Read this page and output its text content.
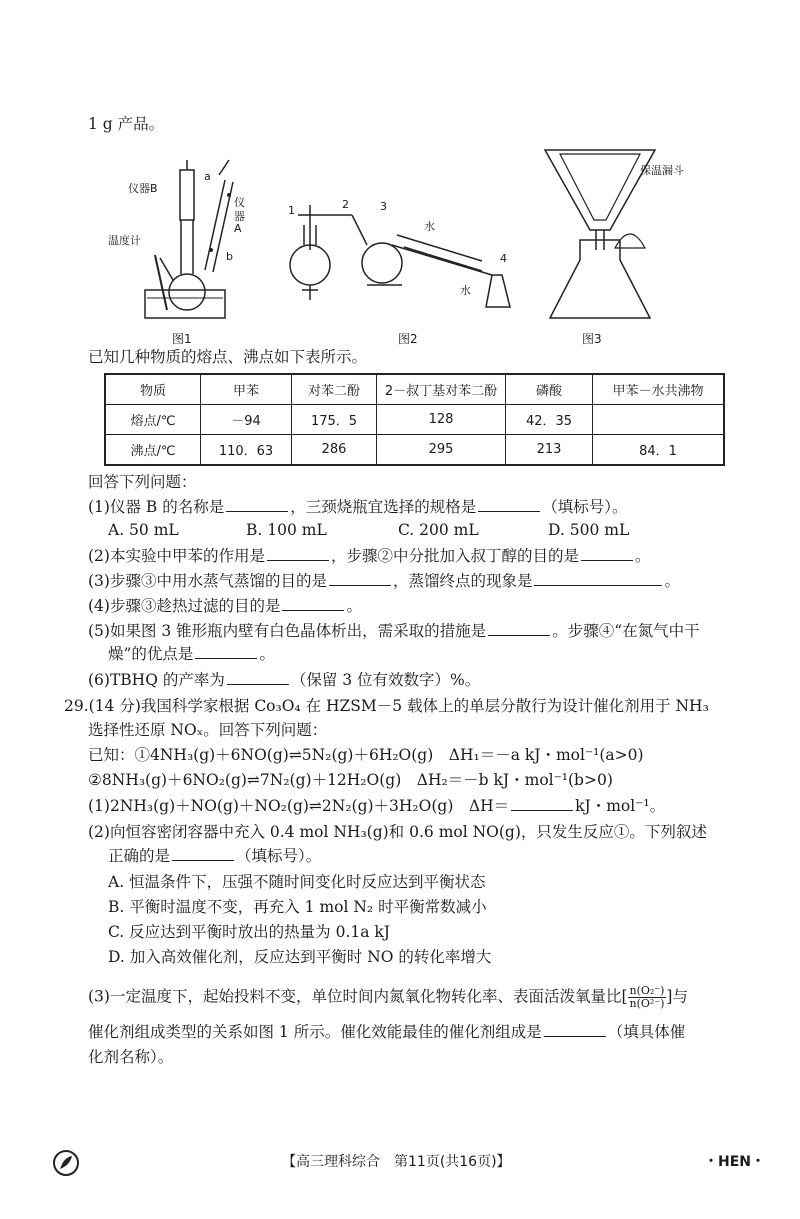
1 g 产品。
仪器B
a
仪
器
A
b
温度计
图1
1	2	3
水
水
4
图2
保温漏斗
图3
已知几种物质的熔点、沸点如下表所示。
物质	甲苯	对苯二酚	2－叔丁基对苯二酚	磷酸	甲苯－水共沸物
熔点/℃	－94	175．5	128	42．35	
沸点/℃	110．63	286	295	213	84．1
回答下列问题：
(1)仪器 B 的名称是	，三颈烧瓶宜选择的规格是	（填标号）。
A. 50 mL	B. 100 mL	C. 200 mL	D. 500 mL
(2)本实验中甲苯的作用是	，步骤②中分批加入叔丁醇的目的是	。
(3)步骤③中用水蒸气蒸馏的目的是	，蒸馏终点的现象是	。
(4)步骤③趁热过滤的目的是	。
(5)如果图 3 锥形瓶内壁有白色晶体析出，需采取的措施是	。步骤④“在氮气中干
燥”的优点是	。
(6)TBHQ 的产率为	（保留 3 位有效数字）%。
29.(14 分)我国科学家根据 Co₃O₄ 在 HZSM－5 载体上的单层分散行为设计催化剂用于 NH₃
选择性还原 NOₓ。回答下列问题：
已知：①4NH₃(g)＋6NO(g)⇌5N₂(g)＋6H₂O(g)　ΔH₁＝－a kJ・mol⁻¹(a>0)
②8NH₃(g)＋6NO₂(g)⇌7N₂(g)＋12H₂O(g)　ΔH₂＝－b kJ・mol⁻¹(b>0)
(1)2NH₃(g)＋NO(g)＋NO₂(g)⇌2N₂(g)＋3H₂O(g)　ΔH＝	kJ・mol⁻¹。
(2)向恒容密闭容器中充入 0.4 mol NH₃(g)和 0.6 mol NO(g)，只发生反应①。下列叙述
正确的是	（填标号）。
A. 恒温条件下，压强不随时间变化时反应达到平衡状态
B. 平衡时温度不变，再充入 1 mol N₂ 时平衡常数减小
C. 反应达到平衡时放出的热量为 0.1a kJ
D. 加入高效催化剂，反应达到平衡时 NO 的转化率增大
(3)一定温度下，起始投料不变，单位时间内氮氧化物转化率、表面活泼氧量比[ $\frac{\text{n(O₂⁻)}}{\text{n(O²⁻)}}$ ]与
催化剂组成类型的关系如图 1 所示。催化效能最佳的催化剂组成是	（填具体催
化剂名称）。
【高三理科综合　第11页(共16页)】	・HEN・
